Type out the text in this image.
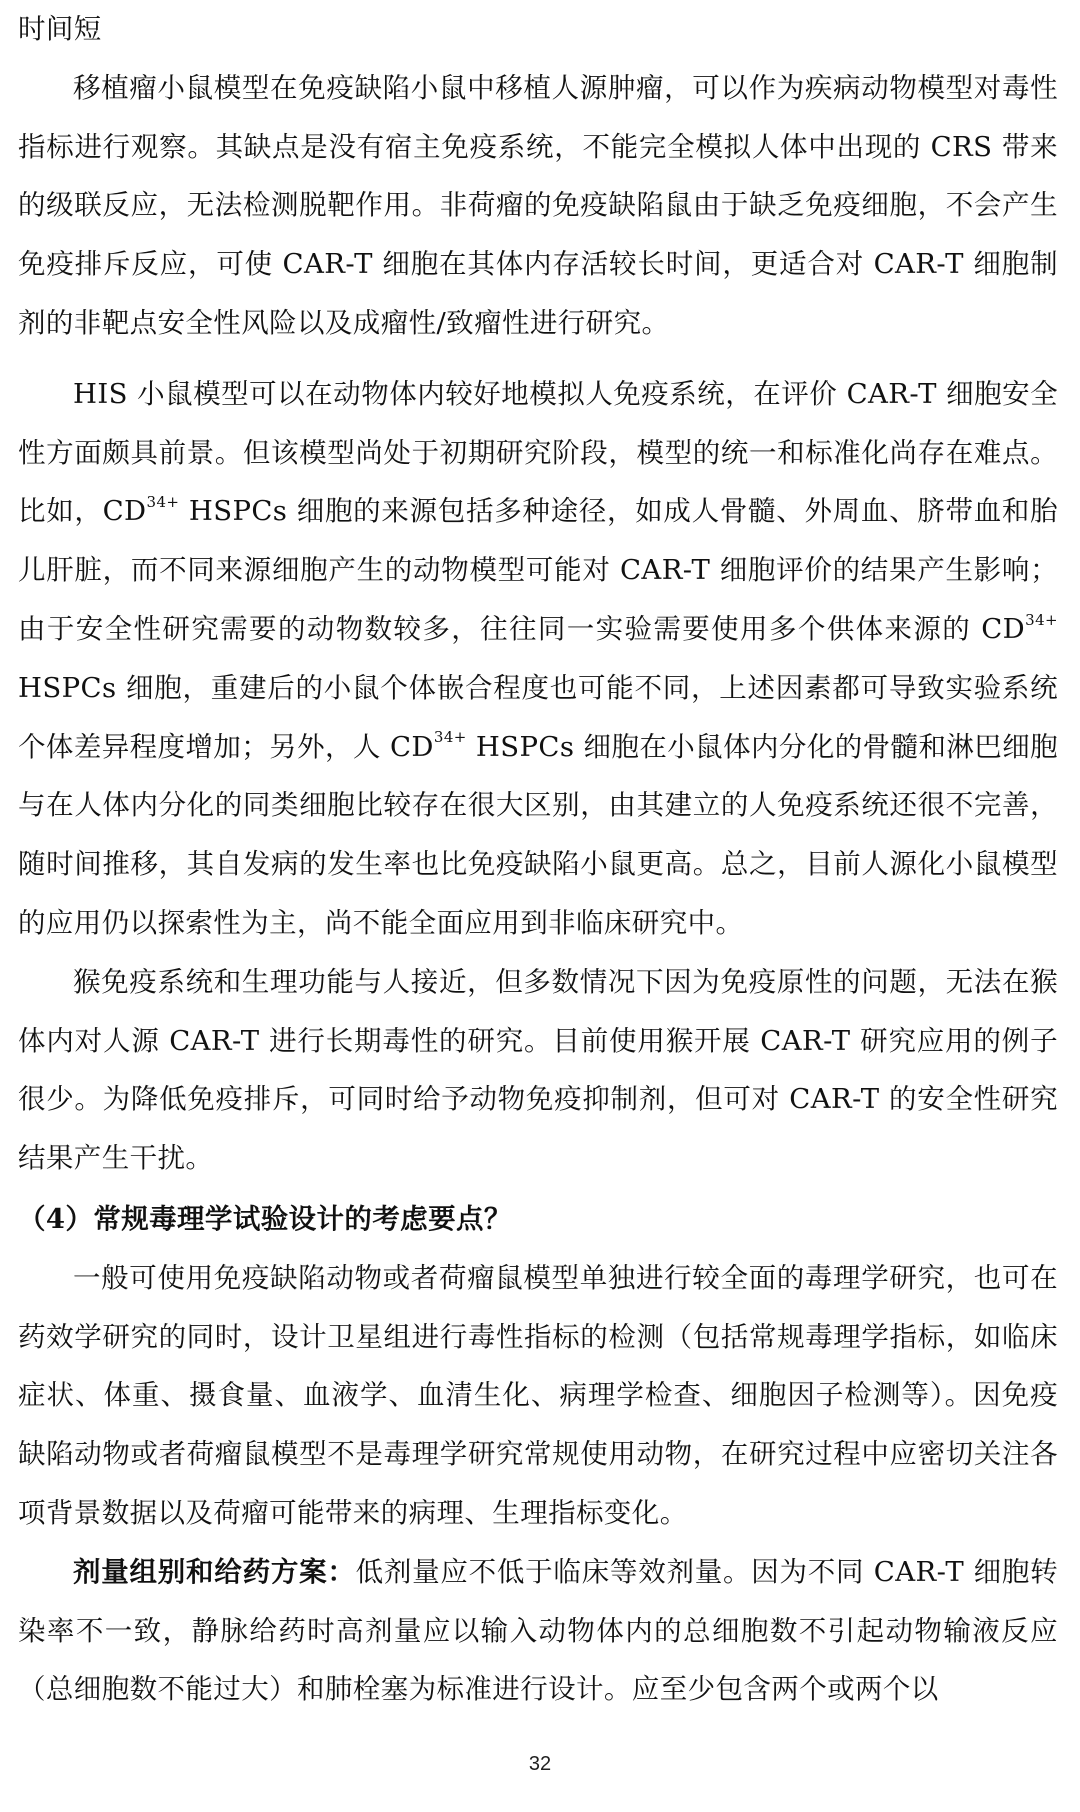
时间短

移植瘤小鼠模型在免疫缺陷小鼠中移植人源肿瘤，可以作为疾病动物模型对毒性指标进行观察。其缺点是没有宿主免疫系统，不能完全模拟人体中出现的 CRS 带来的级联反应，无法检测脱靶作用。非荷瘤的免疫缺陷鼠由于缺乏免疫细胞，不会产生免疫排斥反应，可使 CAR-T 细胞在其体内存活较长时间，更适合对 CAR-T 细胞制剂的非靶点安全性风险以及成瘤性/致瘤性进行研究。

HIS 小鼠模型可以在动物体内较好地模拟人免疫系统，在评价 CAR-T 细胞安全性方面颇具前景。但该模型尚处于初期研究阶段，模型的统一和标准化尚存在难点。比如，$CD^{34+}$ HSPCs 细胞的来源包括多种途径，如成人骨髓、外周血、脐带血和胎儿肝脏，而不同来源细胞产生的动物模型可能对 CAR-T 细胞评价的结果产生影响；由于安全性研究需要的动物数较多，往往同一实验需要使用多个供体来源的 $CD^{34+}$ HSPCs 细胞，重建后的小鼠个体嵌合程度也可能不同，上述因素都可导致实验系统个体差异程度增加；另外，人 $CD^{34+}$ HSPCs 细胞在小鼠体内分化的骨髓和淋巴细胞与在人体内分化的同类细胞比较存在很大区别，由其建立的人免疫系统还很不完善，随时间推移，其自发病的发生率也比免疫缺陷小鼠更高。总之，目前人源化小鼠模型的应用仍以探索性为主，尚不能全面应用到非临床研究中。

猴免疫系统和生理功能与人接近，但多数情况下因为免疫原性的问题，无法在猴体内对人源 CAR-T 进行长期毒性的研究。目前使用猴开展 CAR-T 研究应用的例子很少。为降低免疫排斥，可同时给予动物免疫抑制剂，但可对 CAR-T 的安全性研究结果产生干扰。

（4）常规毒理学试验设计的考虑要点？

一般可使用免疫缺陷动物或者荷瘤鼠模型单独进行较全面的毒理学研究，也可在药效学研究的同时，设计卫星组进行毒性指标的检测（包括常规毒理学指标，如临床症状、体重、摄食量、血液学、血清生化、病理学检查、细胞因子检测等）。因免疫缺陷动物或者荷瘤鼠模型不是毒理学研究常规使用动物，在研究过程中应密切关注各项背景数据以及荷瘤可能带来的病理、生理指标变化。

剂量组别和给药方案：低剂量应不低于临床等效剂量。因为不同 CAR-T 细胞转染率不一致，静脉给药时高剂量应以输入动物体内的总细胞数不引起动物输液反应（总细胞数不能过大）和肺栓塞为标准进行设计。应至少包含两个或两个以

32
